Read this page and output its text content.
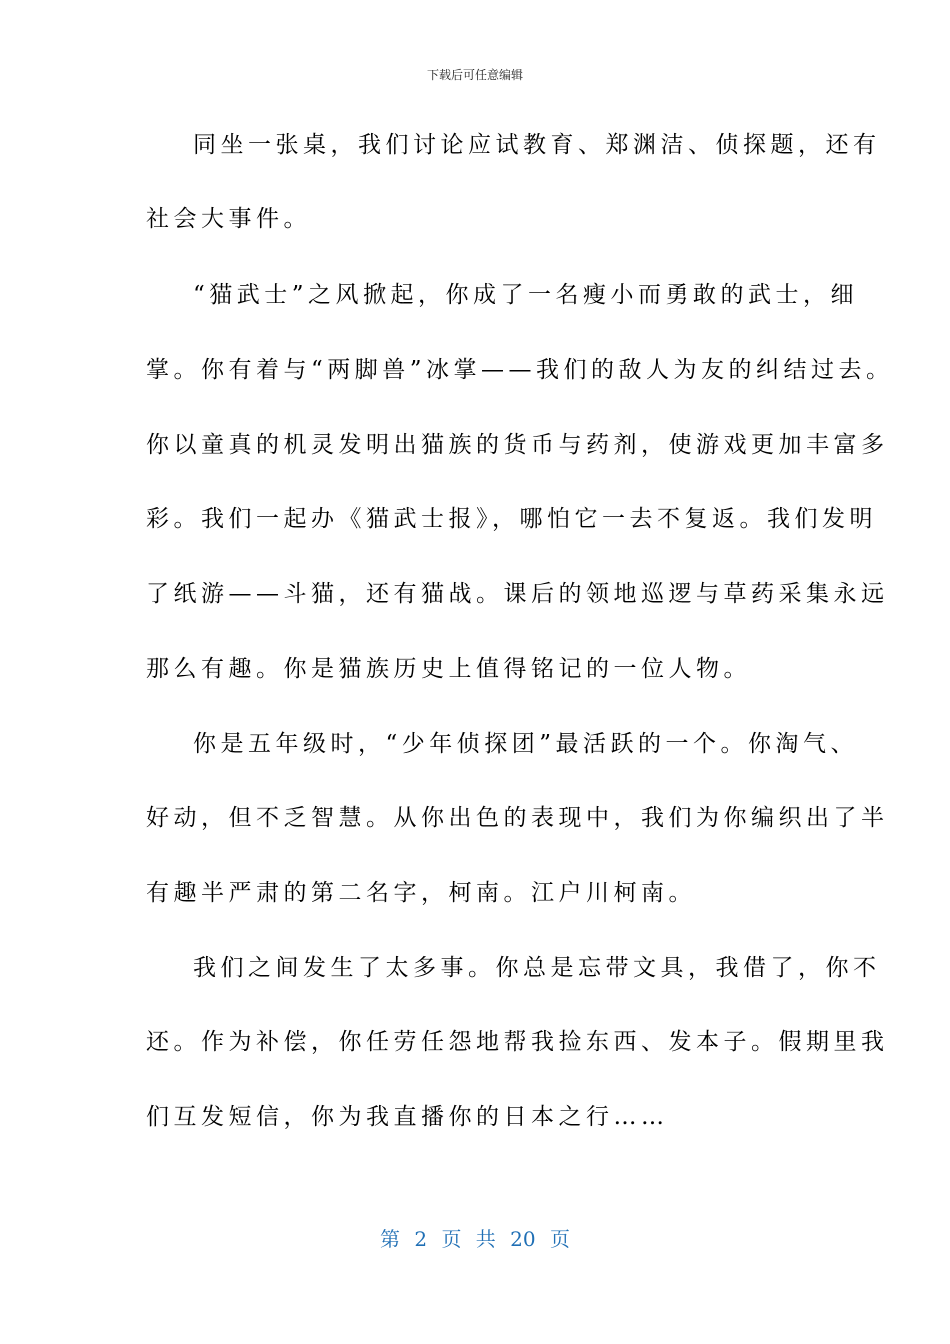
下载后可任意编辑
同坐一张桌，我们讨论应试教育、郑渊洁、侦探题，还有
社会大事件。
“猫武士”之风掀起，你成了一名瘦小而勇敢的武士，细
掌。你有着与“两脚兽”冰掌——我们的敌人为友的纠结过去。
你以童真的机灵发明出猫族的货币与药剂，使游戏更加丰富多
彩。我们一起办《猫武士报》，哪怕它一去不复返。我们发明
了纸游——斗猫，还有猫战。课后的领地巡逻与草药采集永远
那么有趣。你是猫族历史上值得铭记的一位人物。
你是五年级时，“少年侦探团”最活跃的一个。你淘气、
好动，但不乏智慧。从你出色的表现中，我们为你编织出了半
有趣半严肃的第二名字，柯南。江户川柯南。
我们之间发生了太多事。你总是忘带文具，我借了，你不
还。作为补偿，你任劳任怨地帮我捡东西、发本子。假期里我
们互发短信，你为我直播你的日本之行……
第 2 页 共 20 页
